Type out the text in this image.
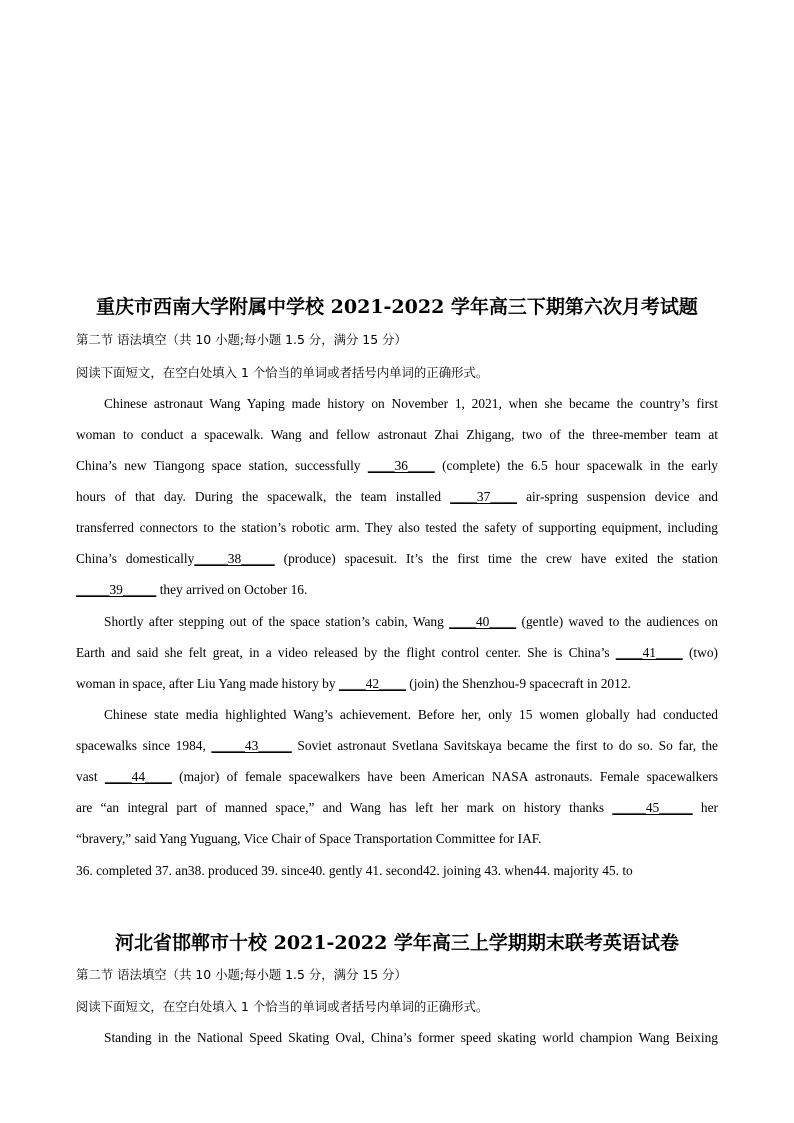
重庆市西南大学附属中学校 2021-2022 学年高三下期第六次月考试题
第二节 语法填空（共 10 小题;每小题 1.5 分，满分 15 分）
阅读下面短文，在空白处填入 1 个恰当的单词或者括号内单词的正确形式。
Chinese astronaut Wang Yaping made history on November 1, 2021, when she became the country’s first
woman to conduct a spacewalk. Wang and fellow astronaut Zhai Zhigang, two of the three-member team at
China’s new Tiangong space station, successfully ____36____ (complete) the 6.5 hour spacewalk in the early
hours of that day. During the spacewalk, the team installed ____37____ air-spring suspension device and
transferred connectors to the station’s robotic arm. They also tested the safety of supporting equipment, including
China’s domestically_____38_____ (produce) spacesuit. It’s the first time the crew have exited the station
_____39_____ they arrived on October 16.
Shortly after stepping out of the space station’s cabin, Wang ____40____ (gentle) waved to the audiences on
Earth and said she felt great, in a video released by the flight control center. She is China’s ____41____ (two)
woman in space, after Liu Yang made history by ____42____ (join) the Shenzhou-9 spacecraft in 2012.
Chinese state media highlighted Wang’s achievement. Before her, only 15 women globally had conducted
spacewalks since 1984, _____43_____ Soviet astronaut Svetlana Savitskaya became the first to do so. So far, the
vast ____44____ (major) of female spacewalkers have been American NASA astronauts. Female spacewalkers
are “an integral part of manned space,” and Wang has left her mark on history thanks _____45_____ her
“bravery,” said Yang Yuguang, Vice Chair of Space Transportation Committee for IAF.
36. completed 37. an38. produced 39. since40. gently 41. second42. joining 43. when44. majority 45. to
河北省邯郸市十校 2021-2022 学年高三上学期期末联考英语试卷
第二节 语法填空（共 10 小题;每小题 1.5 分，满分 15 分）
阅读下面短文，在空白处填入 1 个恰当的单词或者括号内单词的正确形式。
Standing in the National Speed Skating Oval, China’s former speed skating world champion Wang Beixing
